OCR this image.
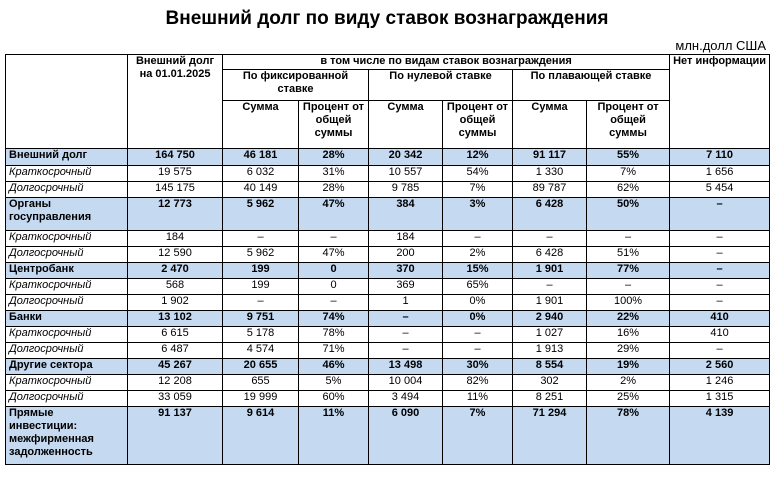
Внешний долг по виду ставок вознаграждения
млн.долл США
	Внешний долг на 01.01.2025	в том числе по видам ставок вознаграждения						Нет информации
		По фиксированной ставке		По нулевой ставке		По плавающей ставке		
		Сумма	Процент от общей суммы	Сумма	Процент от общей суммы	Сумма	Процент от общей суммы	
Внешний долг	164 750	46 181	28%	20 342	12%	91 117	55%	7 110
Краткосрочный	19 575	6 032	31%	10 557	54%	1 330	7%	1 656
Долгосрочный	145 175	40 149	28%	9 785	7%	89 787	62%	5 454
Органы госуправления	12 773	5 962	47%	384	3%	6 428	50%	–
Краткосрочный	184	–	–	184	–	–	–	–
Долгосрочный	12 590	5 962	47%	200	2%	6 428	51%	–
Центробанк	2 470	199	0	370	15%	1 901	77%	–
Краткосрочный	568	199	0	369	65%	–	–	–
Долгосрочный	1 902	–	–	1	0%	1 901	100%	–
Банки	13 102	9 751	74%	–	0%	2 940	22%	410
Краткосрочный	6 615	5 178	78%	–	–	1 027	16%	410
Долгосрочный	6 487	4 574	71%	–	–	1 913	29%	–
Другие сектора	45 267	20 655	46%	13 498	30%	8 554	19%	2 560
Краткосрочный	12 208	655	5%	10 004	82%	302	2%	1 246
Долгосрочный	33 059	19 999	60%	3 494	11%	8 251	25%	1 315
Прямые инвестиции: межфирменная задолженность	91 137	9 614	11%	6 090	7%	71 294	78%	4 139
